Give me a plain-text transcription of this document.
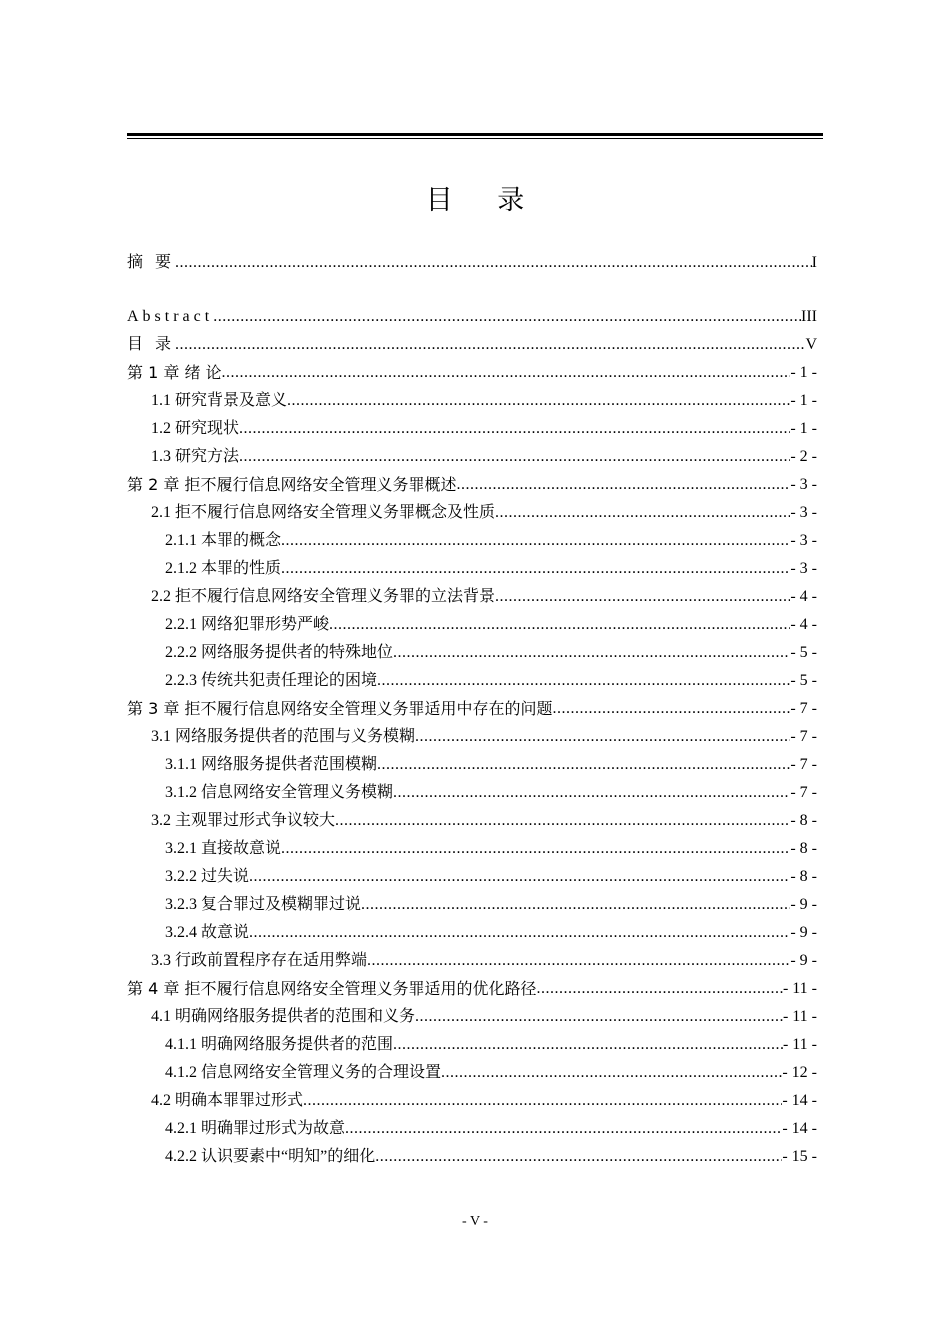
目 录
摘 要 .....	I
Abstract .....	III
目 录 .....	V
第 1 章 绪 论 .....	- 1 -
1.1 研究背景及意义 .....	- 1 -
1.2 研究现状 .....	- 1 -
1.3 研究方法 .....	- 2 -
第 2 章 拒不履行信息网络安全管理义务罪概述 .....	- 3 -
2.1 拒不履行信息网络安全管理义务罪概念及性质 .....	- 3 -
2.1.1 本罪的概念 .....	- 3 -
2.1.2 本罪的性质 .....	- 3 -
2.2 拒不履行信息网络安全管理义务罪的立法背景 .....	- 4 -
2.2.1 网络犯罪形势严峻 .....	- 4 -
2.2.2 网络服务提供者的特殊地位 .....	- 5 -
2.2.3 传统共犯责任理论的困境 .....	- 5 -
第 3 章 拒不履行信息网络安全管理义务罪适用中存在的问题 .....	- 7 -
3.1 网络服务提供者的范围与义务模糊 .....	- 7 -
3.1.1 网络服务提供者范围模糊 .....	- 7 -
3.1.2 信息网络安全管理义务模糊 .....	- 7 -
3.2 主观罪过形式争议较大 .....	- 8 -
3.2.1 直接故意说 .....	- 8 -
3.2.2 过失说 .....	- 8 -
3.2.3 复合罪过及模糊罪过说 .....	- 9 -
3.2.4 故意说 .....	- 9 -
3.3 行政前置程序存在适用弊端 .....	- 9 -
第 4 章 拒不履行信息网络安全管理义务罪适用的优化路径 .....	- 11 -
4.1 明确网络服务提供者的范围和义务 .....	- 11 -
4.1.1 明确网络服务提供者的范围 .....	- 11 -
4.1.2 信息网络安全管理义务的合理设置 .....	- 12 -
4.2 明确本罪罪过形式 .....	- 14 -
4.2.1 明确罪过形式为故意 .....	- 14 -
4.2.2 认识要素中“明知”的细化 .....	- 15 -
- V -
